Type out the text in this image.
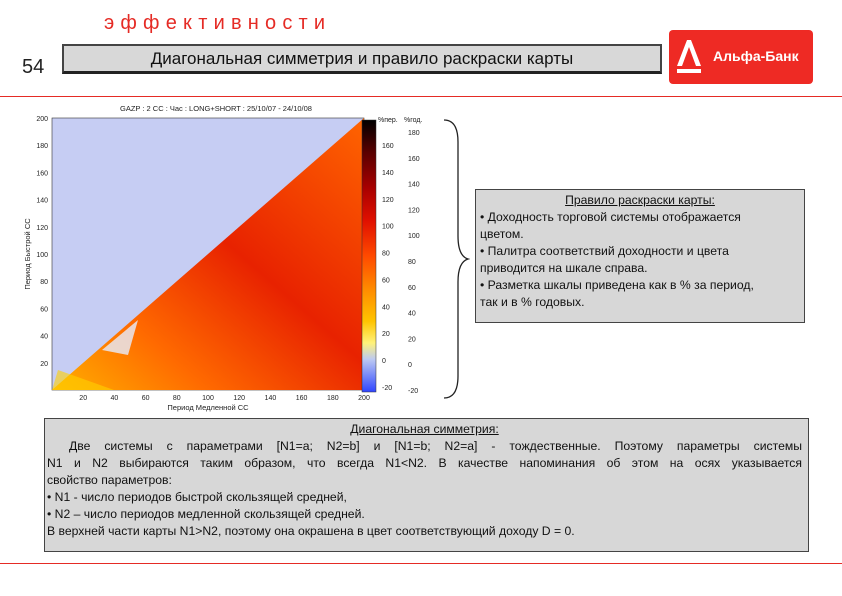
эффективности
54	Диагональная симметрия и правило раскраски карты	Альфа-Банк
GAZP : 2 CC : Час : LONG+SHORT : 25/10/07 - 24/10/08
20	40	60	80	100	120	140	160	180	200
200
180
160
140
120
100
80
60
40
20
Период Медленной СС
Период Быстрой СС
%пер. %год.
160
140
120
100
80
60
40
20
0
-20
180
160
140
120
100
80
60
40
20
0
-20
Правило раскраски карты:
• Доходность торговой системы отображается
цветом.
• Палитра соответствий доходности и цвета
приводится на шкале справа.
• Разметка шкалы приведена как в % за период,
так и в % годовых.
Диагональная симметрия:
Две системы с параметрами [N1=a; N2=b] и [N1=b; N2=a] - тождественные. Поэтому параметры системы
N1 и N2 выбираются таким образом, что всегда N1<N2. В качестве напоминания об этом на осях указывается
свойство параметров:
• N1 - число периодов быстрой скользящей средней,
• N2 – число периодов медленной скользящей средней.
В верхней части карты N1>N2, поэтому она окрашена в цвет соответствующий доходу D = 0.
